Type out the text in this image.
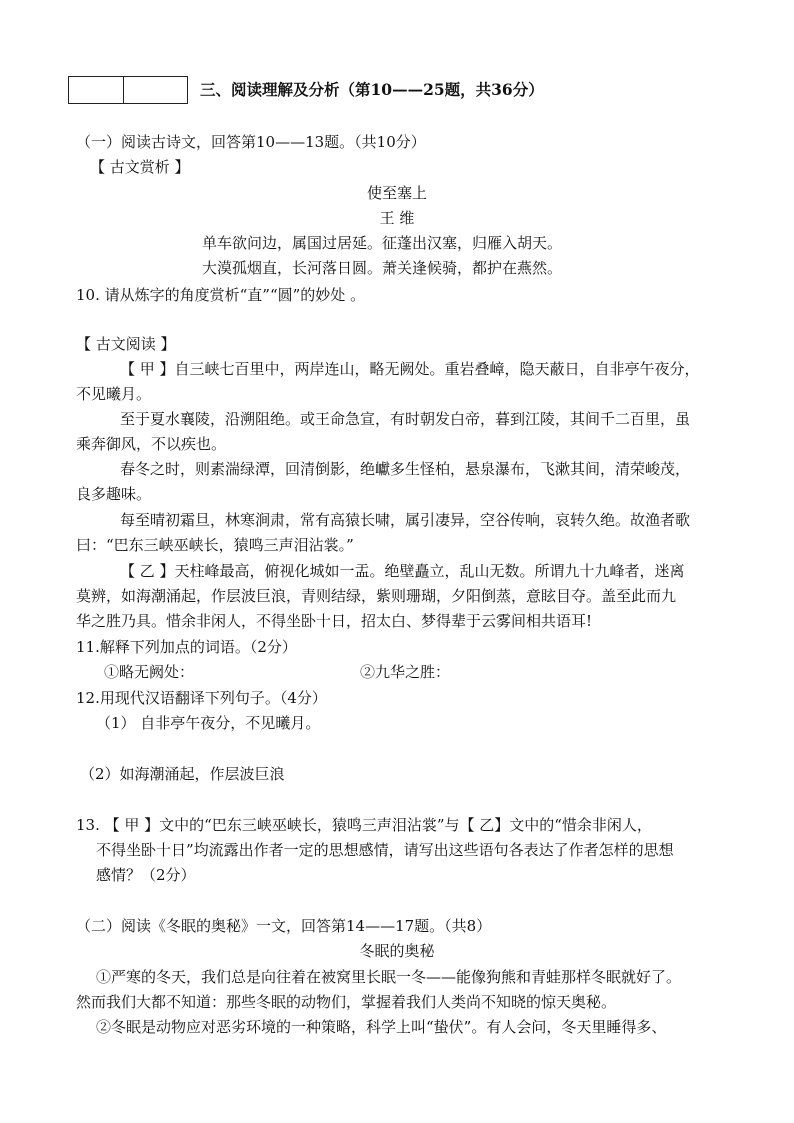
三、阅读理解及分析（第10——25题，共36分）
（一）阅读古诗文，回答第10——13题。（共10分）
【 古文赏析 】
使至塞上
王 维
单车欲问边，属国过居延。征蓬出汉塞，归雁入胡天。
大漠孤烟直，长河落日圆。萧关逢候骑，都护在燕然。
10. 请从炼字的角度赏析“直”“圆”的妙处 。
【 古文阅读 】
【 甲 】自三峡七百里中，两岸连山，略无阙处。重岩叠嶂，隐天蔽日，自非亭午夜分，
不见曦月。
至于夏水襄陵，沿溯阻绝。或王命急宣，有时朝发白帝，暮到江陵，其间千二百里，虽
乘奔御风，不以疾也。
春冬之时，则素湍绿潭，回清倒影，绝巘多生怪柏，悬泉瀑布，飞漱其间，清荣峻茂，
良多趣味。
每至晴初霜旦，林寒涧肃，常有高猿长啸，属引凄异，空谷传响，哀转久绝。故渔者歌
曰：“巴东三峡巫峡长，猿鸣三声泪沾裳。”
【 乙 】天柱峰最高，俯视化城如一盂。绝壁矗立，乱山无数。所谓九十九峰者，迷离
莫辨，如海潮涌起，作层波巨浪，青则结绿，紫则珊瑚，夕阳倒蒸，意眩目夺。盖至此而九
华之胜乃具。惜余非闲人，不得坐卧十日，招太白、梦得辈于云雾间相共语耳!
11.解释下列加点的词语。（2分）
①略无阙处：	②九华之胜：
12.用现代汉语翻译下列句子。（4分）
（1） 自非亭午夜分，不见曦月。
（2）如海潮涌起，作层波巨浪
13. 【 甲 】文中的“巴东三峡巫峡长，猿鸣三声泪沾裳”与【 乙】文中的“惜余非闲人，
不得坐卧十日”均流露出作者一定的思想感情，请写出这些语句各表达了作者怎样的思想
感情？（2分）
（二）阅读《冬眠的奥秘》一文，回答第14——17题。（共8）
冬眠的奥秘
①严寒的冬天，我们总是向往着在被窝里长眠一冬——能像狗熊和青蛙那样冬眠就好了。
然而我们大都不知道：那些冬眠的动物们，掌握着我们人类尚不知晓的惊天奥秘。
②冬眠是动物应对恶劣环境的一种策略，科学上叫“蛰伏”。有人会问，冬天里睡得多、
